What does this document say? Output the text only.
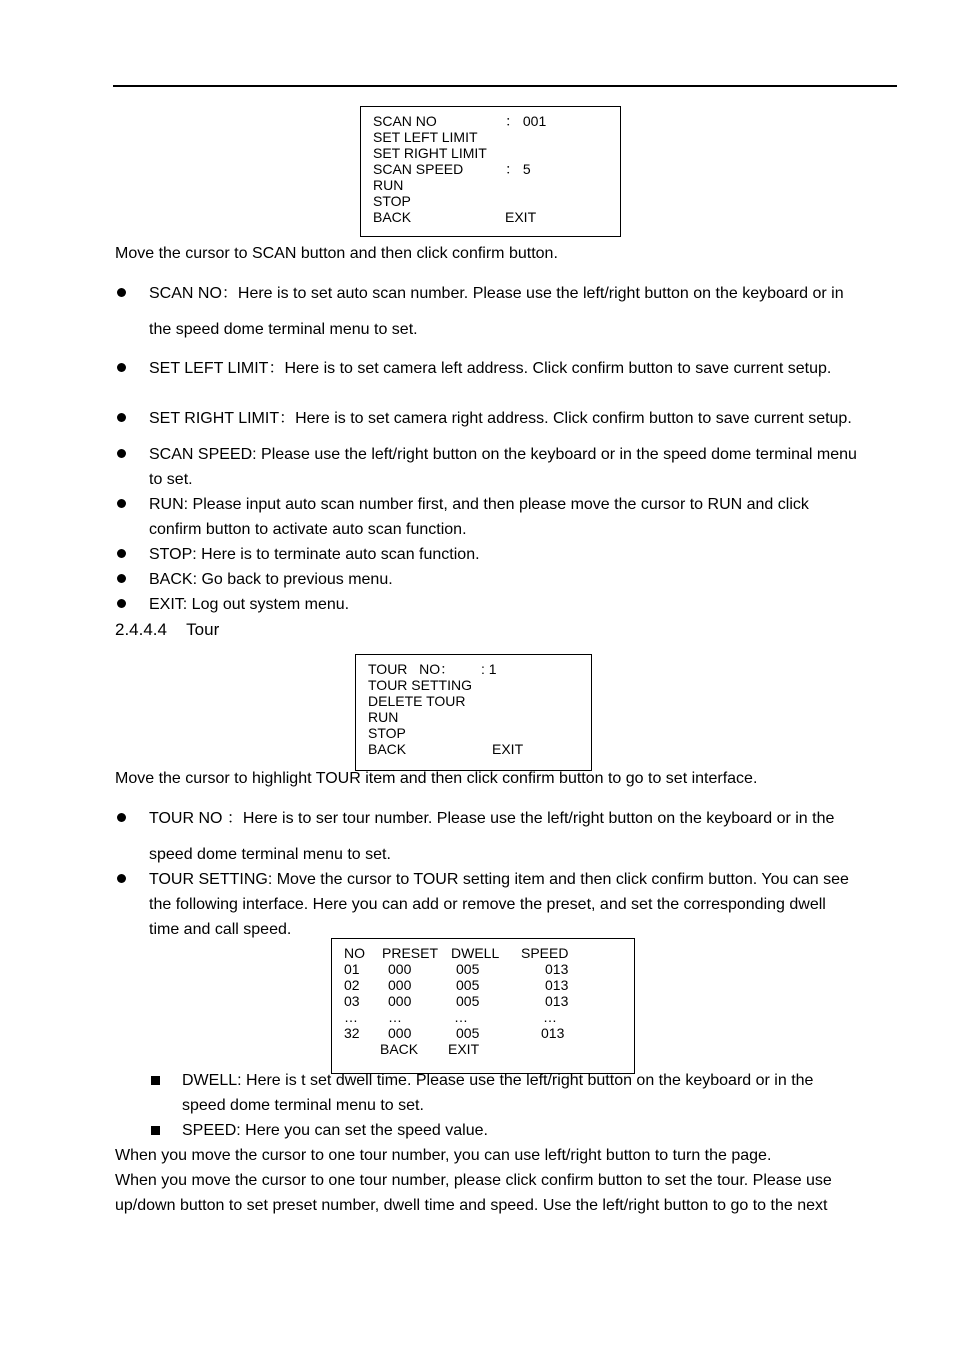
SCAN NO	： 001
SET LEFT LIMIT
SET RIGHT LIMIT
SCAN SPEED	： 5
RUN
STOP
BACK	EXIT
Move the cursor to SCAN button and then click confirm button.
SCAN NO：Here is to set auto scan number. Please use the left/right button on the keyboard or in
the speed dome terminal menu to set.
SET LEFT LIMIT：Here is to set camera left address. Click confirm button to save current setup.
SET RIGHT LIMIT：Here is to set camera right address. Click confirm button to save current setup.
SCAN SPEED: Please use the left/right button on the keyboard or in the speed dome terminal menu
to set.
RUN: Please input auto scan number first, and then please move the cursor to RUN and click
confirm button to activate auto scan function.
STOP: Here is to terminate auto scan function.
BACK: Go back to previous menu.
EXIT: Log out system menu.
2.4.4.4 Tour
TOUR   NO： : 1
TOUR SETTING
DELETE TOUR
RUN
STOP
BACK	EXIT
Move the cursor to highlight TOUR item and then click confirm button to go to set interface.
TOUR NO ：Here is to ser tour number. Please use the left/right button on the keyboard or in the
speed dome terminal menu to set.
TOUR SETTING: Move the cursor to TOUR setting item and then click confirm button. You can see
the following interface. Here you can add or remove the preset, and set the corresponding dwell
time and call speed.
NO PRESET DWELL SPEED
01 000	005	013
02 000	005	013
03 000	005	013
… …	…	…
32 000	005	013
BACK EXIT
DWELL: Here is t set dwell time. Please use the left/right button on the keyboard or in the
speed dome terminal menu to set.
SPEED: Here you can set the speed value.
When you move the cursor to one tour number, you can use left/right button to turn the page.
When you move the cursor to one tour number, please click confirm button to set the tour. Please use
up/down button to set preset number, dwell time and speed. Use the left/right button to go to the next
